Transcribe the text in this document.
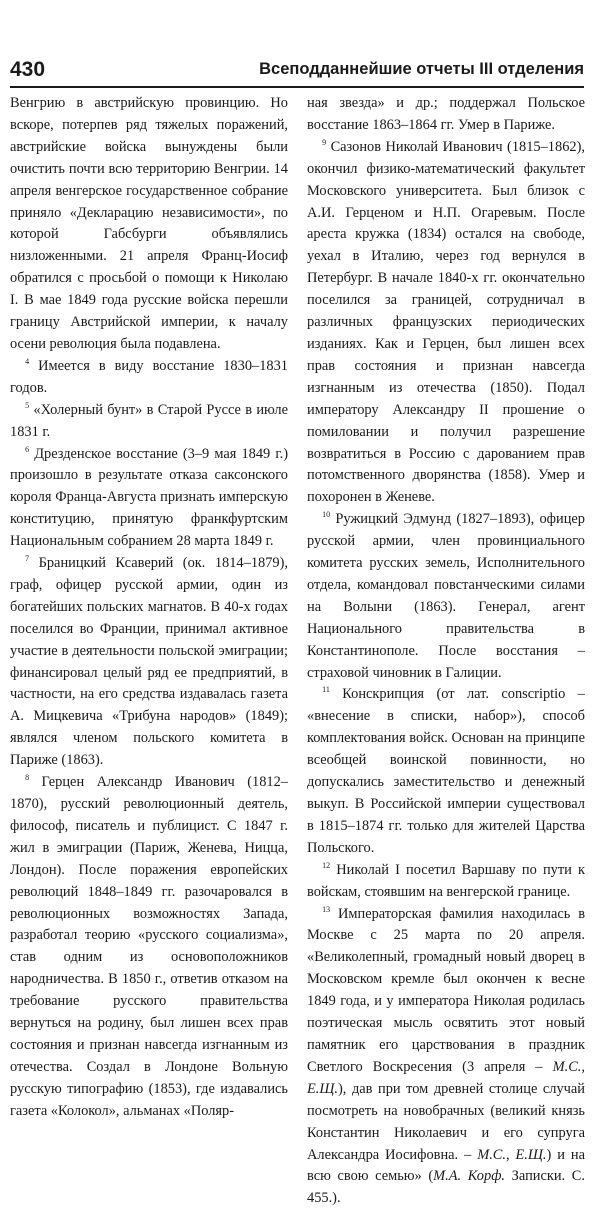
430	Всеподданнейшие отчеты III отделения

Венгрию в австрийскую провинцию. Но вскоре, потерпев ряд тяжелых поражений, австрийские войска вынуждены были очистить почти всю территорию Венгрии. 14 апреля венгерское государственное собрание приняло «Декларацию независимости», по которой Габсбурги объявлялись низложенными. 21 апреля Франц-Иосиф обратился с просьбой о помощи к Николаю I. В мае 1849 года русские войска перешли границу Австрийской империи, к началу осени революция была подавлена.

$^4$ Имеется в виду восстание 1830–1831 годов.

$^5$ «Холерный бунт» в Старой Руссе в июле 1831 г.

$^6$ Дрезденское восстание (3–9 мая 1849 г.) произошло в результате отказа саксонского короля Франца-Августа признать имперскую конституцию, принятую франкфуртским Национальным собранием 28 марта 1849 г.

$^7$ Браницкий Ксаверий (ок. 1814–1879), граф, офицер русской армии, один из богатейших польских магнатов. В 40-х годах поселился во Франции, принимал активное участие в деятельности польской эмиграции; финансировал целый ряд ее предприятий, в частности, на его средства издавалась газета А. Мицкевича «Трибуна народов» (1849); являлся членом польского комитета в Париже (1863).

$^8$ Герцен Александр Иванович (1812–1870), русский революционный деятель, философ, писатель и публицист. С 1847 г. жил в эмиграции (Париж, Женева, Ницца, Лондон). После поражения европейских революций 1848–1849 гг. разочаровался в революционных возможностях Запада, разработал теорию «русского социализма», став одним из основоположников народничества. В 1850 г., ответив отказом на требование русского правительства вернуться на родину, был лишен всех прав состояния и признан навсегда изгнанным из отечества. Создал в Лондоне Вольную русскую типографию (1853), где издавались газета «Колокол», альманах «Поляр-

ная звезда» и др.; поддержал Польское восстание 1863–1864 гг. Умер в Париже.

$^9$ Сазонов Николай Иванович (1815–1862), окончил физико-математический факультет Московского университета. Был близок с А.И. Герценом и Н.П. Огаревым. После ареста кружка (1834) остался на свободе, уехал в Италию, через год вернулся в Петербург. В начале 1840-х гг. окончательно поселился за границей, сотрудничал в различных французских периодических изданиях. Как и Герцен, был лишен всех прав состояния и признан навсегда изгнанным из отечества (1850). Подал императору Александру II прошение о помиловании и получил разрешение возвратиться в Россию с дарованием прав потомственного дворянства (1858). Умер и похоронен в Женеве.

$^{10}$ Ружицкий Эдмунд (1827–1893), офицер русской армии, член провинциального комитета русских земель, Исполнительного отдела, командовал повстанческими силами на Волыни (1863). Генерал, агент Национального правительства в Константинополе. После восстания – страховой чиновник в Галиции.

$^{11}$ Конскрипция (от лат. conscriptio – «внесение в списки, набор»), способ комплектования войск. Основан на принципе всеобщей воинской повинности, но допускались заместительство и денежный выкуп. В Российской империи существовал в 1815–1874 гг. только для жителей Царства Польского.

$^{12}$ Николай I посетил Варшаву по пути к войскам, стоявшим на венгерской границе.

$^{13}$ Императорская фамилия находилась в Москве с 25 марта по 20 апреля. «Великолепный, громадный новый дворец в Московском кремле был окончен к весне 1849 года, и у императора Николая родилась поэтическая мысль освятить этот новый памятник его царствования в праздник Светлого Воскресения (3 апреля – М.С., Е.Щ.), дав при том древней столице случай посмотреть на новобрачных (великий князь Константин Николаевич и его супруга Александра Иосифовна. – М.С., Е.Щ.) и на всю свою семью» (М.А. Корф. Записки. С. 455.).
